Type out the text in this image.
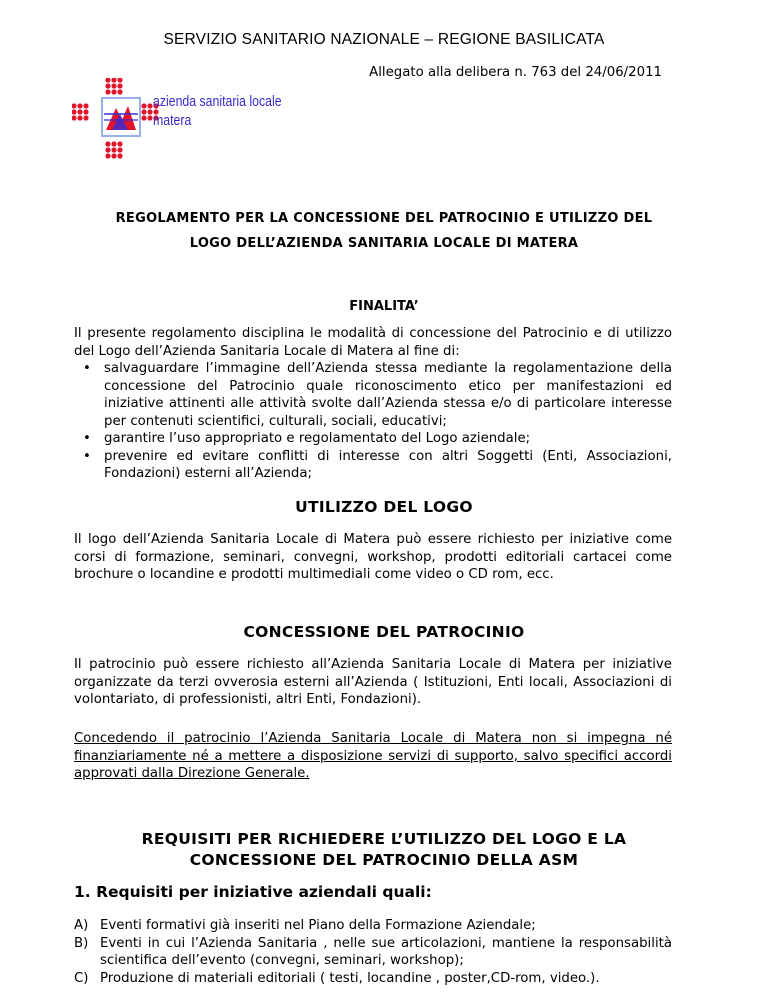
SERVIZIO SANITARIO NAZIONALE – REGIONE BASILICATA
Allegato alla delibera n. 763 del 24/06/2011
azienda sanitaria locale
matera
REGOLAMENTO PER LA CONCESSIONE DEL PATROCINIO E UTILIZZO DEL
LOGO DELL’AZIENDA SANITARIA LOCALE DI MATERA
FINALITA’

Il presente regolamento disciplina le modalità di concessione del Patrocinio e di utilizzo del Logo dell’Azienda Sanitaria Locale di Matera al fine di:

• salvaguardare l’immagine dell’Azienda stessa mediante la regolamentazione della concessione del Patrocinio quale riconoscimento etico per manifestazioni ed iniziative attinenti alle attività svolte dall’Azienda stessa e/o di particolare interesse per contenuti scientifici, culturali, sociali, educativi;
• garantire l’uso appropriato e regolamentato del Logo aziendale;
• prevenire ed evitare conflitti di interesse con altri Soggetti (Enti, Associazioni, Fondazioni) esterni all’Azienda;
UTILIZZO DEL LOGO

Il logo dell’Azienda Sanitaria Locale di Matera può essere richiesto per iniziative come corsi di formazione, seminari, convegni, workshop, prodotti editoriali cartacei come brochure o locandine e prodotti multimediali come video o CD rom, ecc.

CONCESSIONE DEL PATROCINIO

Il patrocinio può essere richiesto all’Azienda Sanitaria Locale di Matera per iniziative organizzate da terzi ovverosia esterni all’Azienda ( Istituzioni, Enti locali, Associazioni di volontariato, di professionisti, altri Enti, Fondazioni).

Concedendo il patrocinio l’Azienda Sanitaria Locale di Matera non si impegna né finanziariamente né a mettere a disposizione servizi di supporto, salvo specifici accordi approvati dalla Direzione Generale.

REQUISITI PER RICHIEDERE L’UTILIZZO DEL LOGO E LA
CONCESSIONE DEL PATROCINIO DELLA ASM
1. Requisiti per iniziative aziendali quali:
A) Eventi formativi già inseriti nel Piano della Formazione Aziendale;
B) Eventi in cui l’Azienda Sanitaria , nelle sue articolazioni, mantiene la responsabilità scientifica dell’evento (convegni, seminari, workshop);
C) Produzione di materiali editoriali ( testi, locandine , poster,CD-rom, video.).
